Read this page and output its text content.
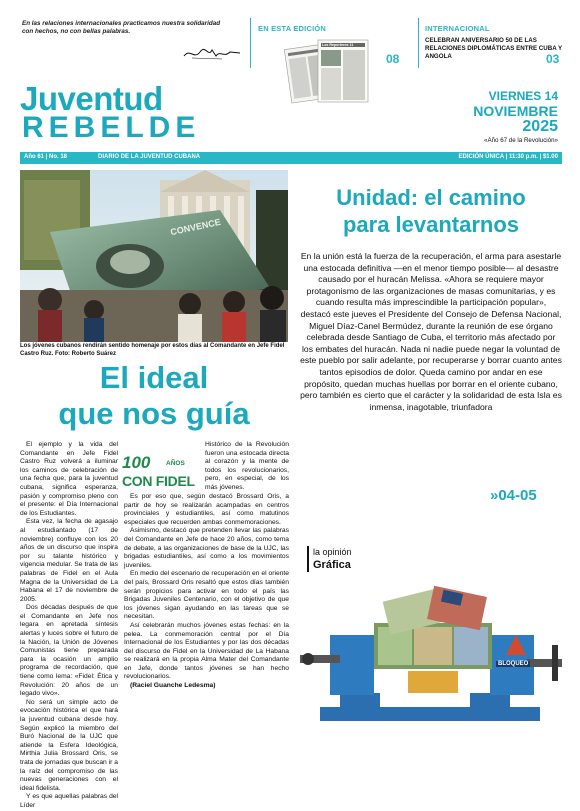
En las relaciones internacionales practicamos nuestra solidaridad con hechos, no con bellas palabras.	EN ESTA EDICIÓN
Los Reporteros 11
08
INTERNACIONAL
CELEBRAN ANIVERSARIO 50 DE LAS RELACIONES DIPLOMÁTICAS ENTRE CUBA Y ANGOLA	03
Juventud
REBELDE
VIERNES 14
NOVIEMBRE
2025
«Año 67 de la Revolución»
Año 61 | No. 18	DIARIO DE LA JUVENTUD CUBANA	EDICIÓN ÚNICA | 11:30 p.m. | $1.00
CONVENCE
Los jóvenes cubanos rendirán sentido homenaje por estos días al Comandante en Jefe Fidel Castro Ruz. Foto: Roberto Suárez
El ideal
que nos guía

El ejemplo y la vida del Comandante en Jefe Fidel Castro Ruz volverá a iluminar los caminos de celebración de una fecha que, para la juventud cubana, significa esperanza, pasión y compromiso pleno con el presente: el Día Internacional de los Estudiantes.

Esta vez, la fecha de agasajo al estudiantado (17 de noviembre) confluye con los 20 años de un discurso que inspira por su talante histórico y vigencia medular. Se trata de las palabras de Fidel en el Aula Magna de la Universidad de La Habana el 17 de noviembre de 2005.

Dos décadas después de que el Comandante en Jefe nos legara en apretada síntesis alertas y luces sobre el futuro de la Nación, la Unión de Jóvenes Comunistas tiene preparada para la ocasión un amplio programa de recordación, que tiene como lema: «Fidel: Ética y Revolución: 20 años de un legado vivo».

No será un simple acto de evocación histórica el que hará la juventud cubana desde hoy. Según explicó la miembro del Buró Nacional de la UJC que atiende la Esfera Ideológica, Mirthia Julia Brossard Oris, se trata de jornadas que buscan ir a la raíz del compromiso de las nuevas generaciones con el ideal fidelista.

Y es que aquellas palabras del Líder

100 AÑOS
CON FIDEL

Histórico de la Revolución fueron una estocada directa al corazón y la mente de todos los revolucionarios, pero, en especial, de los más jóvenes.

Es por eso que, según destacó Brossard Oris, a partir de hoy se realizarán acampadas en centros provinciales y estudiantiles, así como matutinos especiales que recuerden ambas conmemoraciones.

Asimismo, destacó que pretenden llevar las palabras del Comandante en Jefe de hace 20 años, como tema de debate, a las organizaciones de base de la UJC, las brigadas estudiantiles, así como a los movimientos juveniles.

En medio del escenario de recuperación en el oriente del país, Brossard Oris resaltó que estos días también serán propicios para activar en todo el país las Brigadas Juveniles Centenario, con el objetivo de que los jóvenes sigan ayudando en las tareas que se necesitan.

Así celebrarán muchos jóvenes estas fechas: en la pelea. La conmemoración central por el Día Internacional de los Estudiantes y por las dos décadas del discurso de Fidel en la Universidad de La Habana se realizará en la propia Alma Mater del Comandante en Jefe, donde tantos jóvenes se han hecho revolucionarios.

(Raciel Guanche Ledesma)

Unidad: el camino
para levantarnos
En la unión está la fuerza de la recuperación, el arma para asestarle una estocada definitiva —en el menor tiempo posible— al desastre causado por el huracán Melissa. «Ahora se requiere mayor protagonismo de las organizaciones de masas comunitarias, y es cuando resulta más imprescindible la participación popular», destacó este jueves el Presidente del Consejo de Defensa Nacional, Miguel Díaz-Canel Bermúdez, durante la reunión de ese órgano celebrada desde Santiago de Cuba, el territorio más afectado por los embates del huracán. Nada ni nadie puede negar la voluntad de este pueblo por salir adelante, por recuperarse y borrar cuanto antes tantos episodios de dolor. Queda camino por andar en ese propósito, quedan muchas huellas por borrar en el oriente cubano, pero también es cierto que el carácter y la solidaridad de esta Isla es inmensa, inagotable, triunfadora
»04-05
la opinión
Gráfica
BLOQUEO
